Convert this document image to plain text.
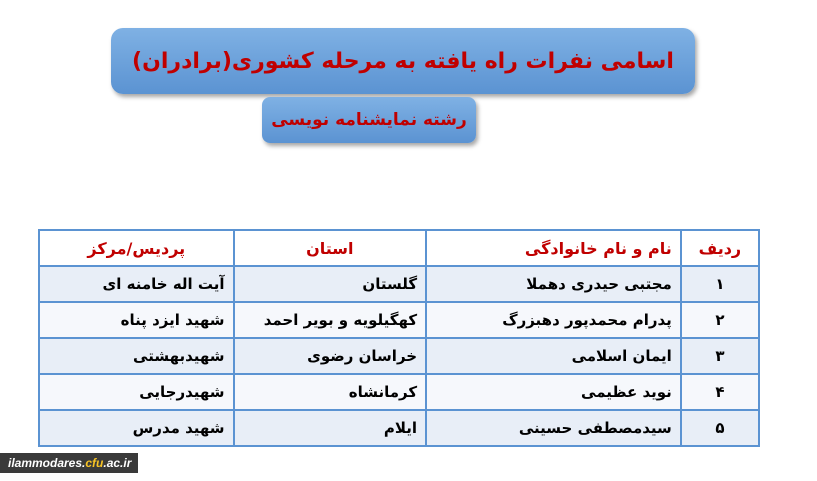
اسامی نفرات راه یافته به مرحله کشوری(برادران)
رشته نمایشنامه نویسی
ردیف	نام و نام خانوادگی	استان	پردیس/مرکز
۱	مجتبی حیدری دهملا	گلستان	آیت اله خامنه ای
۲	پدرام محمدپور دهبزرگ	کهگیلویه و بویر احمد	شهید ایزد پناه
۳	ایمان اسلامی	خراسان رضوی	شهیدبهشتی
۴	نوید عظیمی	کرمانشاه	شهیدرجایی
۵	سیدمصطفی حسینی	ایلام	شهید مدرس
ilammodares.cfu.ac.ir
